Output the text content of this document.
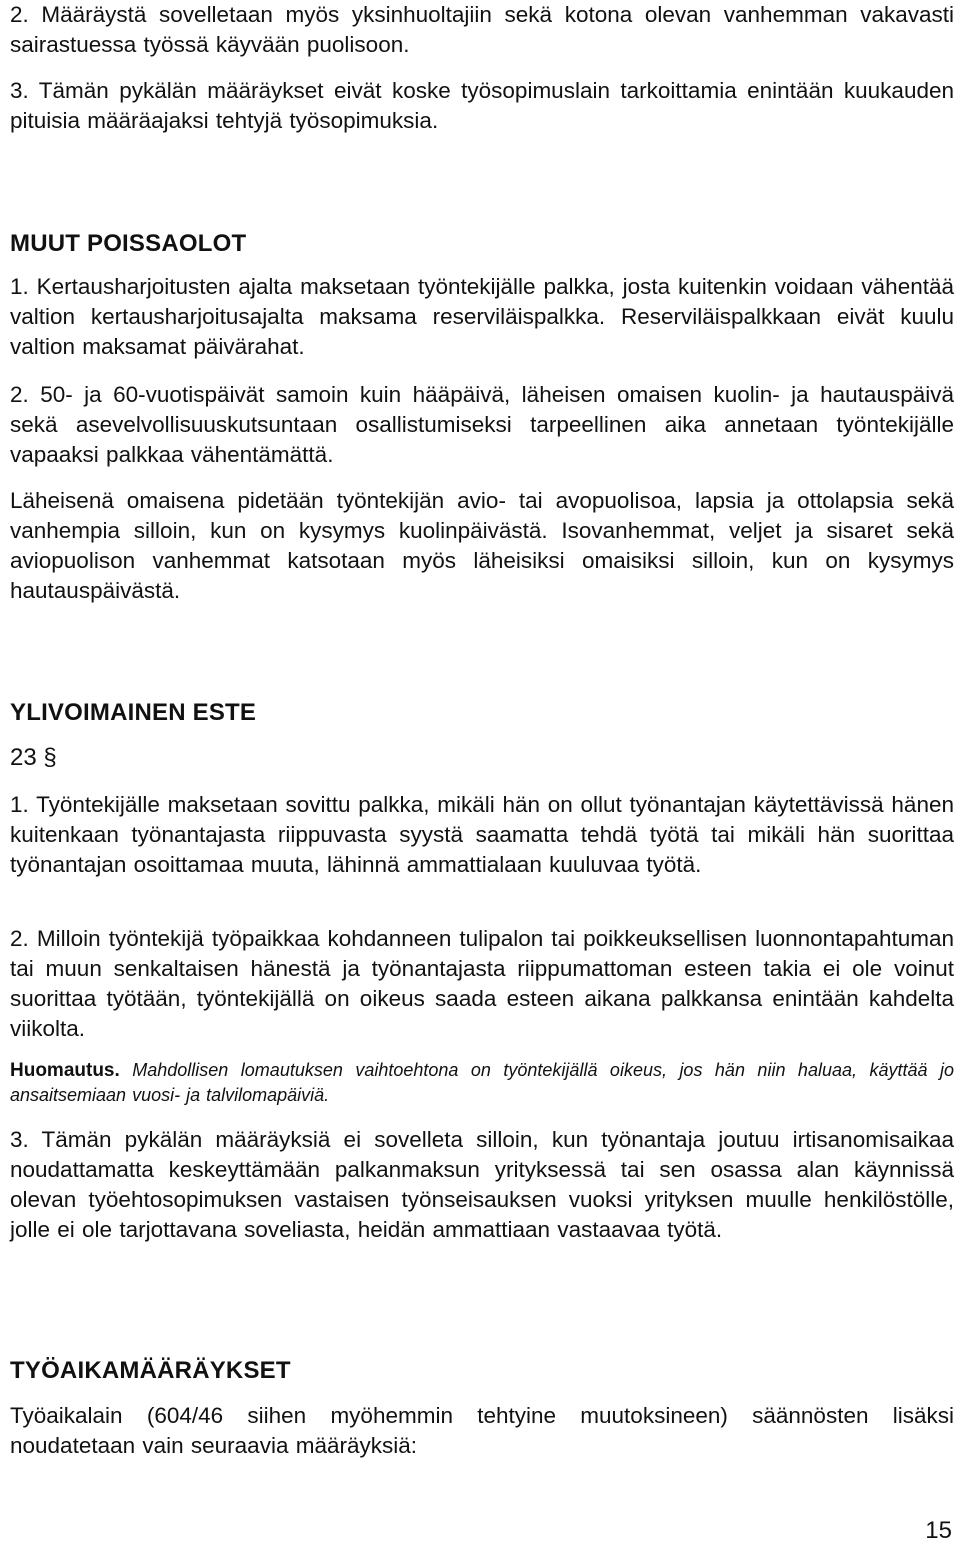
2. Määräystä sovelletaan myös yksinhuoltajiin sekä kotona olevan vanhemman vakavasti sairastuessa työssä käyvään puolisoon.

3. Tämän pykälän määräykset eivät koske työsopimuslain tarkoittamia enintään kuukauden pituisia määräajaksi tehtyjä työsopimuksia.

MUUT POISSAOLOT

1. Kertausharjoitusten ajalta maksetaan työntekijälle palkka, josta kuitenkin voidaan vähentää valtion kertausharjoitusajalta maksama reserviläispalkka. Reserviläispalkkaan eivät kuulu valtion maksamat päivärahat.

2. 50- ja 60-vuotispäivät samoin kuin hääpäivä, läheisen omaisen kuolin- ja hautauspäivä sekä asevelvollisuuskutsuntaan osallistumiseksi tarpeellinen aika annetaan työntekijälle vapaaksi palkkaa vähentämättä.

Läheisenä omaisena pidetään työntekijän avio- tai avopuolisoa, lapsia ja ottolapsia sekä vanhempia silloin, kun on kysymys kuolinpäivästä. Isovanhemmat, veljet ja sisaret sekä aviopuolison vanhemmat katsotaan myös läheisiksi omaisiksi silloin, kun on kysymys hautauspäivästä.

YLIVOIMAINEN ESTE
23 §

1. Työntekijälle maksetaan sovittu palkka, mikäli hän on ollut työnantajan käytettävissä hänen kuitenkaan työnantajasta riippuvasta syystä saamatta tehdä työtä tai mikäli hän suorittaa työnantajan osoittamaa muuta, lähinnä ammattialaan kuuluvaa työtä.

2. Milloin työntekijä työpaikkaa kohdanneen tulipalon tai poikkeuksellisen luonnontapahtuman tai muun senkaltaisen hänestä ja työnantajasta riippumattoman esteen takia ei ole voinut suorittaa työtään, työntekijällä on oikeus saada esteen aikana palkkansa enintään kahdelta viikolta.

Huomautus. Mahdollisen lomautuksen vaihtoehtona on työntekijällä oikeus, jos hän niin haluaa, käyttää jo ansaitsemiaan vuosi- ja talvilomapäiviä.

3. Tämän pykälän määräyksiä ei sovelleta silloin, kun työnantaja joutuu irtisanomisaikaa noudattamatta keskeyttämään palkanmaksun yrityksessä tai sen osassa alan käynnissä olevan työehtosopimuksen vastaisen työnseisauksen vuoksi yrityksen muulle henkilöstölle, jolle ei ole tarjottavana soveliasta, heidän ammattiaan vastaavaa työtä.

TYÖAIKAMÄÄRÄYKSET

Työaikalain (604/46 siihen myöhemmin tehtyine muutoksineen) säännösten lisäksi noudatetaan vain seuraavia määräyksiä:

15
